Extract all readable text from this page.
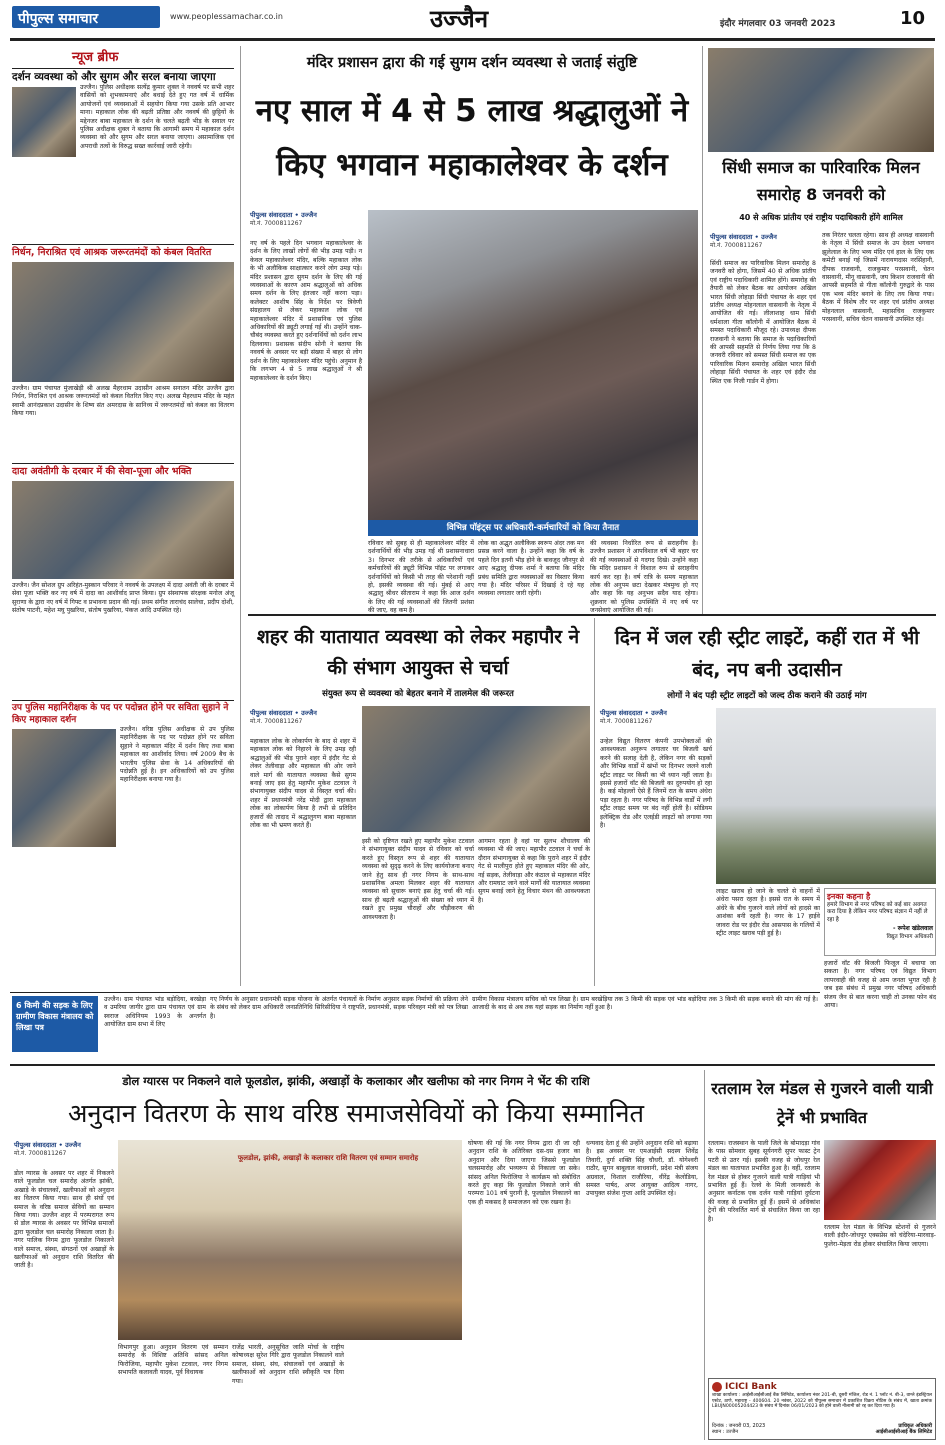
पीपुल्स समाचार	www.peoplessamachar.co.in	उज्जैन	इंदौर मंगलवार 03 जनवरी 2023	10
न्यूज ब्रीफ
दर्शन व्यवस्था को और सुगम और सरल बनाया जाएगा
उज्जैन। पुलिस अधीक्षक सत्येंद्र कुमार शुक्ल ने नववर्ष पर सभी शहर वासियों को शुभकामनाएं और बधाई देते हुए गत वर्ष में धार्मिक आयोजनों एवं व्यवस्थाओं में सहयोग किया गया उसके प्रति आभार माना। महाकाल लोक की बढ़ती प्रतिष्ठा और नववर्ष की छुट्टियों के मद्देनजर बाबा महाकाल के दर्शन के चलते बढ़ती भीड़ के सवाल पर पुलिस अधीक्षक शुक्ल ने बताया कि आगामी समय में महाकाल दर्शन व्यवस्था को और सुगम और सरल बनाया जाएगा। असामाजिक एवं अपराधी तत्वों के विरुद्ध सख्त कार्रवाई जारी रहेगी।
निर्धन, निराश्रित एवं आश्रक जरूरतमंदों को कंबल वितरित
उज्जैन। ग्राम पंचायत मुंजाखेड़ी श्री अलख मैहरधाम उदासीन आश्रम सनातन मंदिर उज्जैन द्वारा निर्धन, निराश्रित एवं आश्रक जरूरतमंदों को कंबल वितरित किए गए। अलख मैहरधाम मंदिर के महंत स्वामी आनंदप्रकाश उदासीन के शिष्य संत अमरदास के सानिध्य में जरूरतमंदों को कंबल का वितरण किया गया।
दादा अवंतीगी के दरबार में की सेवा-पूजा और भक्ति
उज्जैन। जैन सोशल ग्रुप अरिहंत-मुस्कान परिवार ने नववर्ष के उपलक्ष्य में दादा अवंती जी के दरबार में सेवा पूजा भक्ति कर नए वर्ष में दादा का आशीर्वाद प्राप्त किया। ग्रुप संस्थापक संरक्षक मनोज अंजू सुराणा के द्वारा नए वर्ष में गिफ्ट व प्रभावना प्रदान की गई। प्रथम संगीत ताराचंद सालेचा, प्रदीप दोशी, संतोष पाटनी, महेश मघु पुखरिया, संतोष पुखरिया, पंकज आदि उपस्थित रहे।
उप पुलिस महानिरीक्षक के पद पर पदोन्नत होने पर सविता सुहाने ने किए महाकाल दर्शन
उज्जैन। वरिष्ठ पुलिस अधीक्षक से उप पुलिस महानिरीक्षक के पद पर पदोन्नत होने पर सविता सुहाने ने महाकाल मंदिर में दर्शन किए तथा बाबा महाकाल का आशीर्वाद लिया। वर्ष 2009 बैच के भारतीय पुलिस सेवा के 14 अधिकारियों की पदोन्नति हुई है। इन अधिकारियों को उप पुलिस महानिरीक्षक बनाया गया है।
मंदिर प्रशासन द्वारा की गई सुगम दर्शन व्यवस्था से जताई संतुष्टि
नए साल में 4 से 5 लाख श्रद्धालुओं ने किए भगवान महाकालेश्वर के दर्शन
पीपुल्स संवाददाता • उज्जैन
मो.नं. 7000811267
नए वर्ष के पहले दिन भगवान महाकालेश्वर के दर्शन के लिए लाखों लोगों की भीड़ उमड़ पड़ी। न केवल महाकालेश्वर मंदिर, बल्कि महाकाल लोक के भी अलौकिक साक्षात्कार करने लोग उमड़ पड़े। मंदिर प्रशासन द्वारा सुगम दर्शन के लिए की गई व्यवस्थाओं के कारण आम श्रद्धालुओं को अधिक समय दर्शन के लिए इंतजार नहीं करना पड़ा। कलेक्टर आशीष सिंह के निर्देश पर त्रिवेणी संग्रहालय से लेकर महाकाल लोक एवं महाकालेश्वर मंदिर में प्रशासनिक एवं पुलिस अधिकारियों की ड्यूटी लगाई गई थी। उन्होंने चाक-चौबंद व्यवस्था करते हुए दर्शनार्थियों को दर्शन लाभ दिलवाया। प्रशासक संदीप सोनी ने बताया कि नववर्ष के अवसर पर बड़ी संख्या में बाहर से लोग दर्शन के लिए महाकालेश्वर मंदिर पहुंचे। अनुमान है कि लगभग 4 से 5 लाख श्रद्धालुओं ने श्री महाकालेश्वर के दर्शन किए।
विभिन्न पॉइंट्स पर अधिकारी-कर्मचारियों को किया तैनात
रविवार को सुबह से ही महाकालेश्वर मंदिर में दर्शनार्थियों की भीड़ उमड़ गई थी प्रशासनाधारा 3। दिनभर की तरीके से अधिकारियों एवं कर्मचारियों की ड्यूटी विभिन्न पॉइंट पर लगाकर दर्शनार्थियों को किसी भी तरह की परेशानी नहीं हो, इसकी व्यवस्था की गई। मुंबई से आए श्रद्धालु श्रीधर सीताराम ने कहा कि आज दर्शन के लिए की गई व्यवस्थाओं की जितनी प्रशंसा की जाए, वह कम है।
लोक का अद्भुत अलौकिक स्वरूप अंदर तक मन प्रसन्न करने वाला है। उन्होंने कहा कि वर्ष के पहले दिन इतनी भीड़ होने के बावजूद जौनपुर से आए श्रद्धालु दीपक शर्मा ने बताया कि मंदिर प्रबंध समिति द्वारा व्यवस्थाओं का विस्तार किया गया है। मंदिर परिसर में दिखाई दे रहे यह व्यवस्था लगातार जारी रहेगी।
की व्यवस्था निर्धारित रूप से सराहनीय है। उज्जैन प्रशासन ने आपविशाल वर्ष भी बहार चर की गईं व्यवस्थाओं से गदगद दिखे। उन्होंने कहा कि मंदिर प्रशासन ने विशाल रूप से सराहनीय कार्य कर रहा है। वर्ष रात्रि के समय महाकाल लोक की अनुपम छटा देखकर मंत्रमुग्ध हो गए और कहा कि यह अनुभव सदैव याद रहेगा। शुक्रवार को पुलिस उपस्थिति में नए वर्ष पर जनसेवाएं आयोजित की गई।
सिंधी समाज का पारिवारिक मिलन समारोह 8 जनवरी को
40 से अधिक प्रांतीय एवं राष्ट्रीय पदाधिकारी होंगे शामिल
पीपुल्स संवाददाता • उज्जैन
मो.नं. 7000811267
सिंधी समाज का पारिवारिक मिलन समारोह 8 जनवरी को होगा, जिसमें 40 से अधिक प्रांतीय एवं राष्ट्रीय पदाधिकारी शामिल होंगे। समारोह की तैयारी को लेकर बैठक का आयोजन अखिल भारत सिंधी लोहाड़ा सिंधी पंचायत के शहर एवं प्रांतीय अध्यक्ष मोहनलाल वासवानी के नेतृत्व में आयोजित की गई। लीलाशाह धाम सिंधी धर्मशाला गीता कॉलोनी में आयोजित बैठक में समस्त पदाधिकारी मौजूद रहे। उपाध्यक्ष दीपक राजवानी ने बताया कि समाज के पदाधिकारियों की आपसी सहमति से निर्णय लिया गया कि 8 जनवरी रविवार को समस्त सिंधी समाज का एक पारिवारिक मिलन समारोह अखिल भारत सिंधी लोहाड़ा सिंधी पंचायत के शहर एवं इंदौर रोड स्थित एक निजी गार्डन में होगा।
तक निरंतर चलता रहेगा। साथ ही अध्यक्ष वासवानी के नेतृत्व में सिंधी समाज के उप देवता भगवान झूलेलाल के लिए भव्य मंदिर एवं हाल के लिए एक कमेटी बनाई गई जिसमें नारायणदास नरसिंहानी, दीपक राजवानी, राजकुमार परसवानी, चेतन वासवानी, मीनू वासवानी, जय किशन राजवानी की आपसी सहमति से गीता कॉलोनी गुरुद्वारे के पास एक भव्य मंदिर बनाने के लिए तय किया गया। बैठक में विशेष तौर पर शहर एवं प्रांतीय अध्यक्ष मोहनलाल वासवानी, महासचिव राजकुमार परसवानी, सचिव चेतन वासवानी उपस्थित रहे।
शहर की यातायात व्यवस्था को लेकर महापौर ने की संभाग आयुक्त से चर्चा
संयुक्त रूप से व्यवस्था को बेहतर बनाने में तालमेल की जरूरत
पीपुल्स संवाददाता • उज्जैन
मो.नं. 7000811267
महाकाल लोक के लोकार्पण के बाद से शहर में महाकाल लोक को निहारने के लिए उमड़ रही श्रद्धालुओं की भीड़ पुराने शहर में इंदौर गेट से लेकर तेलीवाड़ा और महाकाल की ओर जाने वाले मार्ग की यातायात व्यवस्था कैसे सुगम बनाई जाए इस हेतु महापौर मुकेश टटवाल ने संभागायुक्त संदीप यादव से विस्तृत चर्चा की। शहर में प्रधानमंत्री नरेंद्र मोदी द्वारा महाकाल लोक का लोकार्पण किया है तभी से प्रतिदिन हजारों की तादाद में श्रद्धालुगण बाबा महाकाल लोक का भी भ्रमण करते हैं।
इसी को दृष्टिगत रखते हुए महापौर मुकेश टटवाल ने संभागायुक्त संदीप यादव से रविवार को चर्चा करते हुए विस्तृत रूप से शहर की यातायात व्यवस्था को सुदृढ़ करने के लिए कार्ययोजना बनाए जाने हेतु साथ ही नगर निगम के साथ-साथ प्रशासनिक अमला मिलकर शहर की यातायात व्यवस्था को सुचारू बनाएं इस हेतु चर्चा की गई। साथ ही बढ़ती श्रद्धालुओं की संख्या को ध्यान में रखते हुए प्रमुख चौराहों और चौड़ीकरण की आवश्यकता है।
आगमन रहता है वहां पर सुलभ शौचालय की व्यवस्था भी की जाए। महापौर टटवाल ने चर्चा के दौरान संभागायुक्त से कहा कि पुराने शहर में इंदौर गेट से मालीपुरा होते हुए महाकाल मंदिर की ओर, नई सड़क, तेलीवाड़ा और कंठाल से महाकाल मंदिर और रामघाट जाने वाले मार्गों की यातायात व्यवस्था सुगम बनाई जाने हेतु विचार मंथन की आवश्यकता है।
दिन में जल रही स्ट्रीट लाइटें, कहीं रात में भी बंद, नप बनी उदासीन
लोगों ने बंद पड़ी स्ट्रीट लाइटों को जल्द ठीक कराने की उठाई मांग
पीपुल्स संवाददाता • उज्जैन
मो.नं. 7000811267
उन्हेल विद्युत वितरण कंपनी उपभोक्ताओं की आवश्यकता अनुरूप लगातार घर बिजली खर्च करने की सलाह देती है, लेकिन नगर की सड़कों और विभिन्न वार्डों में खंभों पर दिनभर जलने वाली स्ट्रीट लाइट पर किसी का भी ध्यान नहीं जाता है। इससे हजारों वॉट की बिजली का दुरुपयोग हो रहा है। कई मोहल्लों ऐसे हैं जिनमें रात के समय अंधेरा पड़ा रहता है। नगर परिषद के विभिन्न वार्डों में लगी स्ट्रीट लाइट समय पर बंद नहीं होती है। सोडियम इलेक्ट्रिक रोड और एलईडी लाइटों को लगाया गया है।
लाइट खराब हो जाने के चलते से वाहनों में अंधेरा पसरा रहता है। इससे रात के समय में अंधेरे के बीच गुजरने वाले लोगों को हादसे का आशंका बनी रहती है। नगर के 17 हाईवे जावरा रोड पर इंदौर रोड आसपास के गलियों में स्ट्रीट लाइट खराब पड़ी हुई है।
इनका कहना है
हमारे विभाग से नगर परिषद को कई बार अवगत करा दिया है लेकिन नगर परिषद संज्ञान में नहीं ले रहा है
- रूपेश खंडेलवाल
विद्युत विभाग अधिकारी
हजारों वॉट की बिजली फिजूल में बचाया जा सकता है। नगर परिषद एवं विद्युत विभाग लापरवाही की वजह से आम जनता भुगत रही है जब इस संबंध में प्रमुख नगर परिषद अधिकारी संजय जैन से बात करना चाही तो उनका फोन बंद आया।
6 किमी की सड़क के लिए ग्रामीण विकास मंत्रालय को लिखा पत्र
उज्जैन। ग्राम पंचायत भांड बड़ोदिया, बरखेड़ा व उमरिया जागीर द्वारा ग्राम पंचायत एवं ग्राम स्वराज अधिनियम 1993 के अन्तर्गत आयोजित ग्राम सभा में लिए
गए निर्णय के अनुसार प्रधानमंत्री सड़क योजना के अंतर्गत पंचायतों के निर्माण अनुसार सड़क निर्माणों की प्रक्रिया लेने के संबंध को लेकर ग्राम अधिकारी जनप्रतिनिधि सिरिसीदिया ने राष्ट्रपति, प्रधानमंत्री, सड़क परिवहन मंत्री को पत्र लिखा है।
ग्रामीण विकास मंत्रालय सचिव को पत्र लिखा है। ग्राम बरखेड़िया तक 3 किमी की सड़क एवं भांड बड़ोदिया तक 3 किमी की सड़क बनाने की मांग की गई है। आजादी के बाद से अब तक यहां सड़क का निर्माण नहीं हुआ है।
डोल ग्यारस पर निकलने वाले फूलडोल, झांकी, अखाड़ों के कलाकार और खलीफा को नगर निगम ने भेंट की राशि
अनुदान वितरण के साथ वरिष्ठ समाजसेवियों को किया सम्मानित
पीपुल्स संवाददाता • उज्जैन
मो.नं. 7000811267
डोल ग्यारस के अवसर पर शहर में निकलने वाले फूलडोल चल समारोह अंतर्गत झांकी, अखाड़े के संचालकों, खलीफाओं को अनुदान का वितरण किया गया। साथ ही संघों एवं समाज के वरिष्ठ समाज सेवियों का सम्मान किया गया। उज्जैन शहर में परम्परागत रूप से डोल ग्यारस के अवसर पर विभिन्न समाजों द्वारा फूलडोल चल समारोह निकाला जाता है। नगर पालिक निगम द्वारा फूलडोल निकालने वाले समाज, संस्था, संगठनों एवं अखाड़ों के खलीफाओं को अनुदान राशि वितरित की जाती है।
फूलडोल, झांकी, अखाड़ों के कलाकार राशि वितरण एवं सम्मान समारोह
विभागपुर हुआ। अनुदान वितरण एवं सम्मान समारोह के विशिष्ट अतिथि सांसद अनिल फिरोजिया, महापौर मुकेश टटवाल, नगर निगम सभापति कलावती यादव, पूर्व विधायक
राजेंद्र भारती, अनुसूचित जाति मोर्चा के राष्ट्रीय कोषाध्यक्ष सुरेश गिरि द्वारा फूलडोल निकालने वाले समाज, संस्था, संघ, संचालकों एवं अखाड़ों के खलीफाओं को अनुदान राशि स्वीकृति पत्र दिया गया।
घोषणा की गई कि नगर निगम द्वारा दी जा रही अनुदान राशि के अतिरिक्त दस-दस हजार का अनुदान और दिया जाएगा जिससे फूलडोल चलसमारोह और भव्यरूप से निकाला जा सके। सांसद अनिल फिरोजिया ने कार्यक्रम को संबोधित करते हुए कहा कि फूलडोल निकाले जाने की परम्परा 101 वर्ष पुरानी है, फूलडोल निकालने का एक ही मकसद है समाजजन को एक रखना है।
धन्यवाद देता हूं की उन्होंने अनुदान राशि को बढ़ाया है। इस अवसर पर एमआईसी सदस्य शिवेंद्र तिवारी, दुर्गा शक्ति सिंह चौधरी, डॉ. योगेश्वरी राठौर, सुगन बाबूलाल वाधवानी, प्रदेश मंत्री संजय अग्रवाल, विशाल राजौरिया, वीरेंद्र केलोडिया, समस्त पार्षद, अपर आयुक्त आदित्य नागर, उपायुक्त संजेश गुप्ता आदि उपस्थित रहे।
रतलाम रेल मंडल से गुजरने वाली यात्री ट्रेनें भी प्रभावित
रतलाम। राजस्थान के पाली जिले के बोमादड़ा गांव के पास सोमवार सुबह सूर्यनगरी सुपर फास्ट ट्रेन पटरी से उतर गई। इसकी वजह से जोधपुर रेल मंडल का यातायात प्रभावित हुआ है। वहीं, रतलाम रेल मंडल से होकर गुजरने वाली यात्री गाड़ियां भी प्रभावित हुई हैं। रेलवे के मिली जानकारी के अनुसार कर्नाटक एक दर्जन यात्री गाड़ियां दुर्घटना की वजह से प्रभावित हुई हैं। इसमें से अधिकांश ट्रेनों की परिवर्तित मार्ग से संचालित किया जा रहा है।
रतलाम रेल मंडल के विभिन्न स्टेशनों से गुजरने वाली इंदौर-जोधपुर एक्सप्रेस को चंदेरिया-मारवाड़-फुलेरा-मेड़ता रोड होकर संचालित किया जाएगा।
ICICI Bank
शाखा कार्यालय : आईसीआईसीआई बैंक लिमिटेड, कार्यालय नंबर 201-बी, दूसरी मंजिल, रोड नं. 1 प्लॉट नं. बी-3, वाग्ले इंडस्ट्रियल एस्टेट, ठाणे, महाराष्ट्र - 400604. 20 नवंबर, 2022 को पीपुल्स समाचार में प्रकाशित विक्रय नोटिस के संबंध में, खाता क्रमांक LBUJN00005204423 के संबंध में दिनांक 06/01/2023 को होने वाली नीलामी को रद्द कर दिया गया है।
दिनांक : जनवरी 03, 2023
स्थान : उज्जैन
प्राधिकृत अधिकारी
आईसीआईसीआई बैंक लिमिटेड
